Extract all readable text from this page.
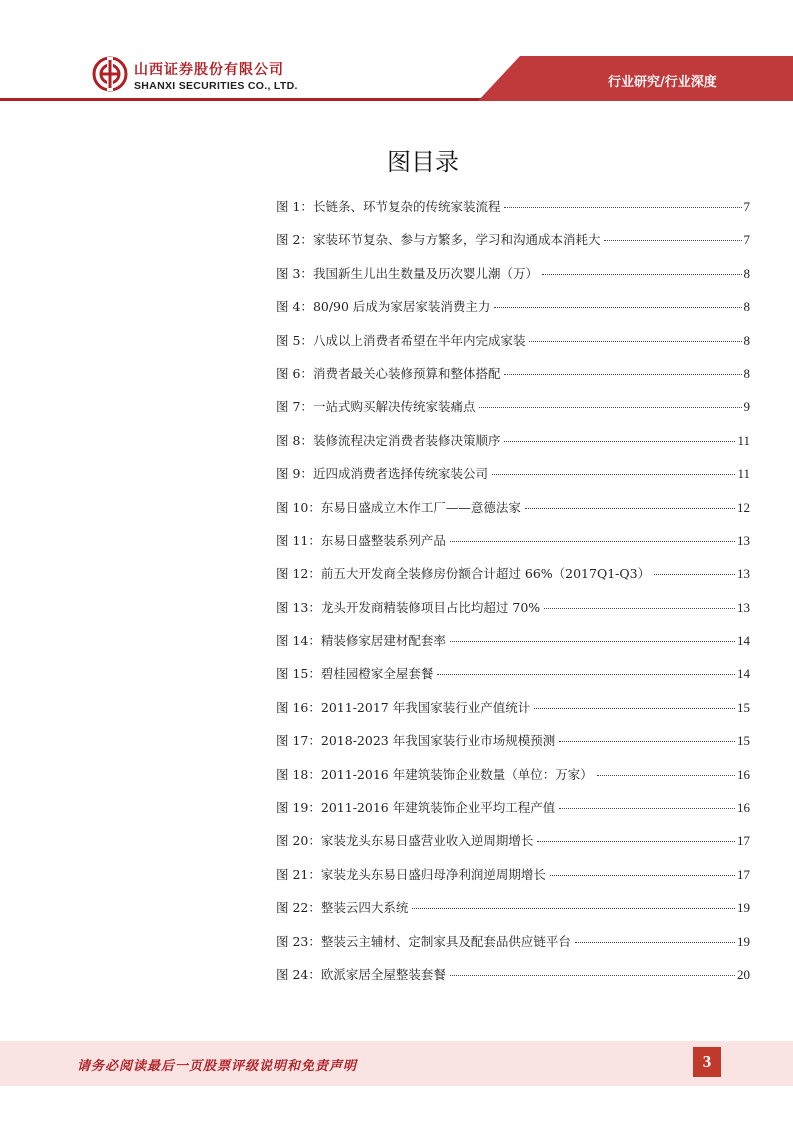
山西证券股份有限公司
SHANXI SECURITIES CO., LTD.	行业研究/行业深度
图目录
图 1： 长链条、环节复杂的传统家装流程	7
图 2： 家装环节复杂、参与方繁多，学习和沟通成本消耗大	7
图 3： 我国新生儿出生数量及历次婴儿潮（万）	8
图 4： 80/90 后成为家居家装消费主力	8
图 5： 八成以上消费者希望在半年内完成家装	8
图 6： 消费者最关心装修预算和整体搭配	8
图 7： 一站式购买解决传统家装痛点	9
图 8： 装修流程决定消费者装修决策顺序	11
图 9： 近四成消费者选择传统家装公司	11
图 10： 东易日盛成立木作工厂——意德法家	12
图 11： 东易日盛整装系列产品	13
图 12： 前五大开发商全装修房份额合计超过 66%（2017Q1-Q3）	13
图 13： 龙头开发商精装修项目占比均超过 70%	13
图 14： 精装修家居建材配套率	14
图 15： 碧桂园橙家全屋套餐	14
图 16： 2011-2017 年我国家装行业产值统计	15
图 17： 2018-2023 年我国家装行业市场规模预测	15
图 18： 2011-2016 年建筑装饰企业数量（单位：万家）	16
图 19： 2011-2016 年建筑装饰企业平均工程产值	16
图 20： 家装龙头东易日盛营业收入逆周期增长	17
图 21： 家装龙头东易日盛归母净利润逆周期增长	17
图 22： 整装云四大系统	19
图 23： 整装云主辅材、定制家具及配套品供应链平台	19
图 24： 欧派家居全屋整装套餐	20
请务必阅读最后一页股票评级说明和免责声明	3
